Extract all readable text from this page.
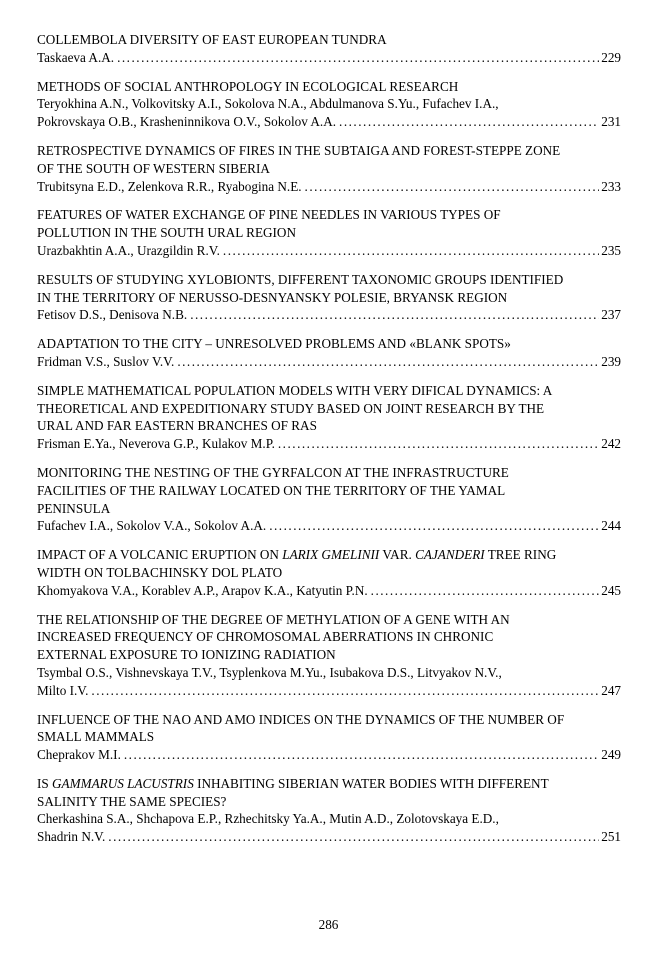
COLLEMBOLA DIVERSITY OF EAST EUROPEAN TUNDRA
Taskaeva A.A. .....	229
METHODS OF SOCIAL ANTHROPOLOGY IN ECOLOGICAL RESEARCH
Teryokhina A.N., Volkovitsky A.I., Sokolova N.A., Abdulmanova S.Yu., Fufachev I.A.,
Pokrovskaya O.B., Krasheninnikova O.V., Sokolov A.A. .....	231
RETROSPECTIVE DYNAMICS OF FIRES IN THE SUBTAIGA AND FOREST-STEPPE ZONE
OF THE SOUTH OF WESTERN SIBERIA
Trubitsyna E.D., Zelenkova R.R., Ryabogina N.E. .....	233
FEATURES OF WATER EXCHANGE OF PINE NEEDLES IN VARIOUS TYPES OF
POLLUTION IN THE SOUTH URAL REGION
Urazbakhtin A.A., Urazgildin R.V. .....	235
RESULTS OF STUDYING XYLOBIONTS, DIFFERENT TAXONOMIC GROUPS IDENTIFIED
IN THE TERRITORY OF NERUSSO-DESNYANSKY POLESIE, BRYANSK REGION
Fetisov D.S., Denisova N.B. .....	237
ADAPTATION TO THE CITY – UNRESOLVED PROBLEMS AND «BLANK SPOTS»
Fridman V.S., Suslov V.V. .....	239
SIMPLE MATHEMATICAL POPULATION MODELS WITH VERY DIFICAL DYNAMICS: A
THEORETICAL AND EXPEDITIONARY STUDY BASED ON JOINT RESEARCH BY THE
URAL AND FAR EASTERN BRANCHES OF RAS
Frisman E.Ya., Neverova G.P., Kulakov M.P. .....	242
MONITORING THE NESTING OF THE GYRFALCON AT THE INFRASTRUCTURE
FACILITIES OF THE RAILWAY LOCATED ON THE TERRITORY OF THE YAMAL
PENINSULA
Fufachev I.A., Sokolov V.A., Sokolov A.A. .....	244
IMPACT OF A VOLCANIC ERUPTION ON LARIX GMELINII VAR. CAJANDERI TREE RING
WIDTH ON TOLBACHINSKY DOL PLATO
Khomyakova V.A., Korablev A.P., Arapov K.A., Katyutin P.N. .....	245
THE RELATIONSHIP OF THE DEGREE OF METHYLATION OF A GENE WITH AN
INCREASED FREQUENCY OF CHROMOSOMAL ABERRATIONS IN CHRONIC
EXTERNAL EXPOSURE TO IONIZING RADIATION
Tsymbal O.S., Vishnevskaya T.V., Tsyplenkova M.Yu., Isubakova D.S., Litvyakov N.V.,
Milto I.V. .....	247
INFLUENCE OF THE NAO AND AMO INDICES ON THE DYNAMICS OF THE NUMBER OF
SMALL MAMMALS
Cheprakov M.I. .....	249
IS GAMMARUS LACUSTRIS INHABITING SIBERIAN WATER BODIES WITH DIFFERENT
SALINITY THE SAME SPECIES?
Cherkashina S.A., Shchapova E.P., Rzhechitsky Ya.A., Mutin A.D., Zolotovskaya E.D.,
Shadrin N.V. .....	251
286
